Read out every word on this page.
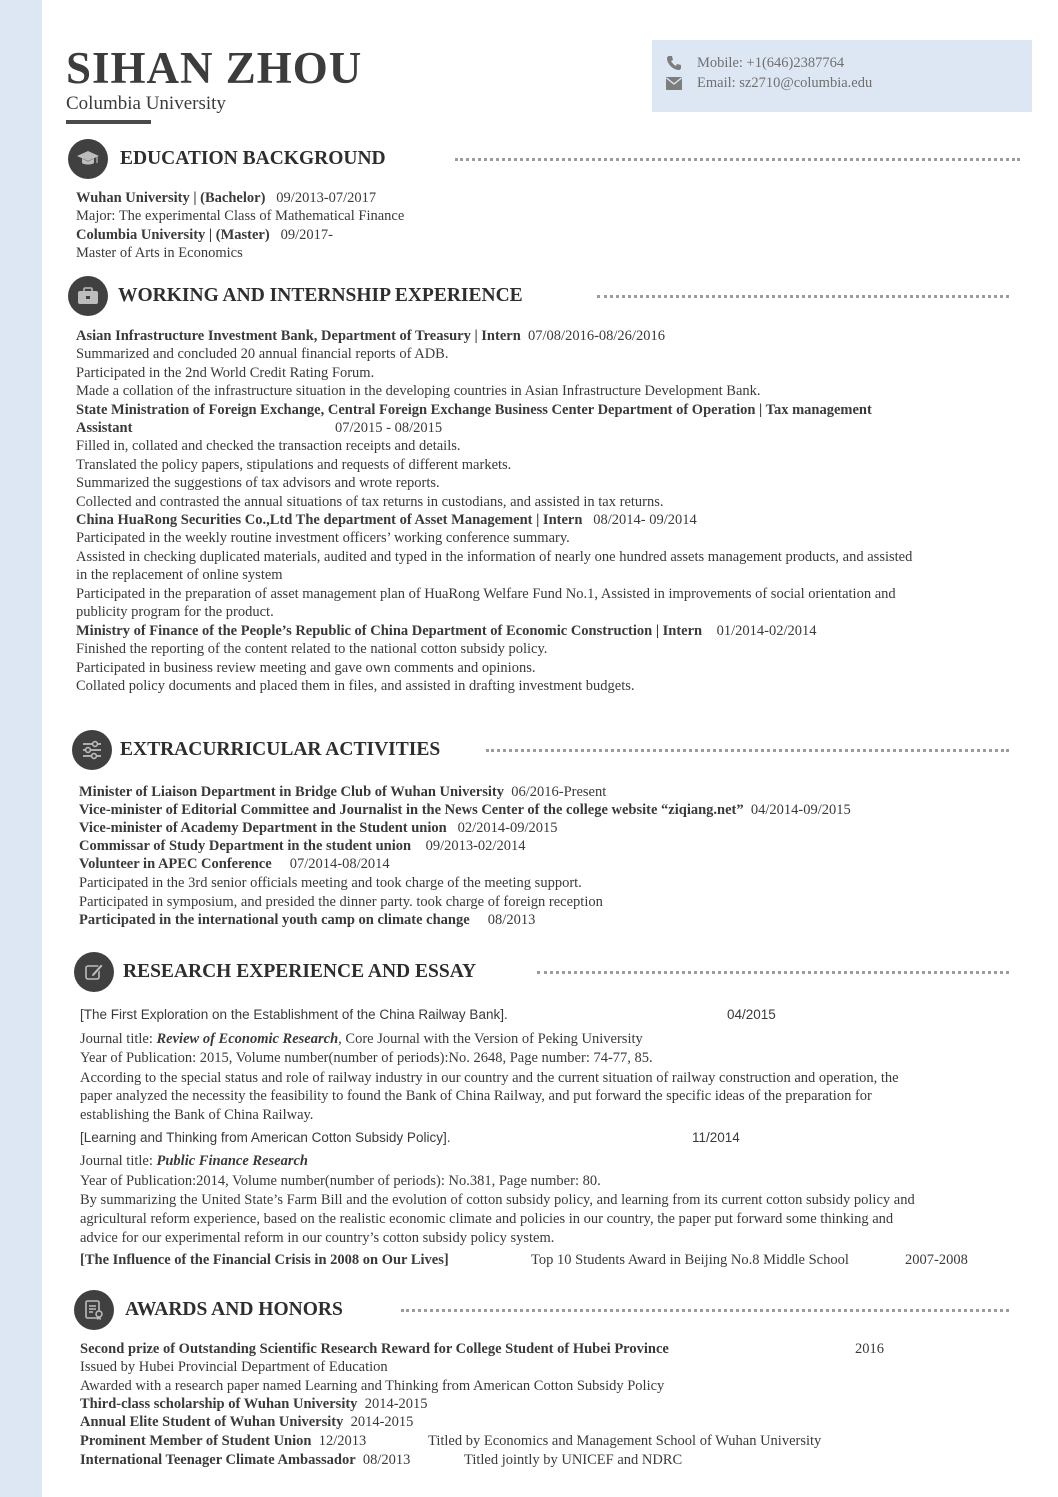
SIHAN ZHOU
Columbia University
Mobile: +1(646)2387764
Email: sz2710@columbia.edu
EDUCATION BACKGROUND
Wuhan University | (Bachelor) 09/2013-07/2017
Major: The experimental Class of Mathematical Finance
Columbia University | (Master) 09/2017-
Master of Arts in Economics
WORKING AND INTERNSHIP EXPERIENCE
Asian Infrastructure Investment Bank, Department of Treasury | Intern 07/08/2016-08/26/2016
Summarized and concluded 20 annual financial reports of ADB.
Participated in the 2nd World Credit Rating Forum.
Made a collation of the infrastructure situation in the developing countries in Asian Infrastructure Development Bank.
State Ministration of Foreign Exchange, Central Foreign Exchange Business Center Department of Operation | Tax management
Assistant	07/2015 - 08/2015
Filled in, collated and checked the transaction receipts and details.
Translated the policy papers, stipulations and requests of different markets.
Summarized the suggestions of tax advisors and wrote reports.
Collected and contrasted the annual situations of tax returns in custodians, and assisted in tax returns.
China HuaRong Securities Co.,Ltd The department of Asset Management | Intern 08/2014- 09/2014
Participated in the weekly routine investment officers’ working conference summary.
Assisted in checking duplicated materials, audited and typed in the information of nearly one hundred assets management products, and assisted
in the replacement of online system
Participated in the preparation of asset management plan of HuaRong Welfare Fund No.1, Assisted in improvements of social orientation and
publicity program for the product.
Ministry of Finance of the People’s Republic of China Department of Economic Construction | Intern 01/2014-02/2014
Finished the reporting of the content related to the national cotton subsidy policy.
Participated in business review meeting and gave own comments and opinions.
Collated policy documents and placed them in files, and assisted in drafting investment budgets.
EXTRACURRICULAR ACTIVITIES
Minister of Liaison Department in Bridge Club of Wuhan University 06/2016-Present
Vice-minister of Editorial Committee and Journalist in the News Center of the college website “ziqiang.net” 04/2014-09/2015
Vice-minister of Academy Department in the Student union 02/2014-09/2015
Commissar of Study Department in the student union 09/2013-02/2014
Volunteer in APEC Conference 07/2014-08/2014
Participated in the 3rd senior officials meeting and took charge of the meeting support.
Participated in symposium, and presided the dinner party. took charge of foreign reception
Participated in the international youth camp on climate change 08/2013
RESEARCH EXPERIENCE AND ESSAY
[The First Exploration on the Establishment of the China Railway Bank].	04/2015
Journal title: Review of Economic Research, Core Journal with the Version of Peking University
Year of Publication: 2015, Volume number(number of periods):No. 2648, Page number: 74-77, 85.
According to the special status and role of railway industry in our country and the current situation of railway construction and operation, the
paper analyzed the necessity the feasibility to found the Bank of China Railway, and put forward the specific ideas of the preparation for
establishing the Bank of China Railway.
[Learning and Thinking from American Cotton Subsidy Policy].	11/2014
Journal title: Public Finance Research
Year of Publication:2014, Volume number(number of periods): No.381, Page number: 80.
By summarizing the United State’s Farm Bill and the evolution of cotton subsidy policy, and learning from its current cotton subsidy policy and
agricultural reform experience, based on the realistic economic climate and policies in our country, the paper put forward some thinking and
advice for our experimental reform in our country’s cotton subsidy policy system.
[The Influence of the Financial Crisis in 2008 on Our Lives]	Top 10 Students Award in Beijing No.8 Middle School	2007-2008
AWARDS AND HONORS
Second prize of Outstanding Scientific Research Reward for College Student of Hubei Province	2016
Issued by Hubei Provincial Department of Education
Awarded with a research paper named Learning and Thinking from American Cotton Subsidy Policy
Third-class scholarship of Wuhan University 2014-2015
Annual Elite Student of Wuhan University 2014-2015
Prominent Member of Student Union 12/2013	Titled by Economics and Management School of Wuhan University
International Teenager Climate Ambassador 08/2013	Titled jointly by UNICEF and NDRC
